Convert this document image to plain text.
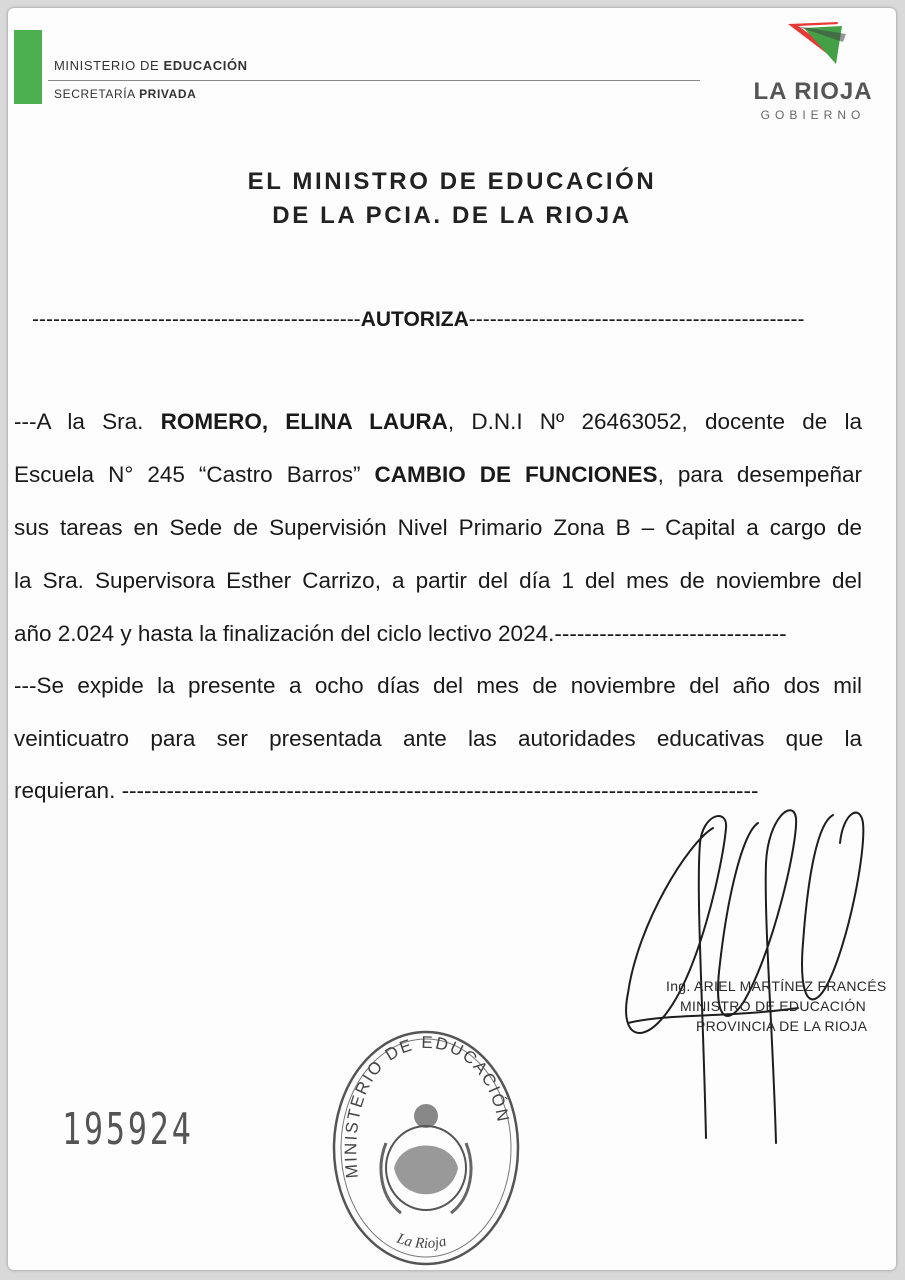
MINISTERIO DE EDUCACIÓN
SECRETARÍA PRIVADA	LA RIOJA
GOBIERNO
EL MINISTRO DE EDUCACIÓN
DE LA PCIA. DE LA RIOJA
-----------------------------------------------AUTORIZA------------------------------------------------
---A la Sra. ROMERO, ELINA LAURA, D.N.I Nº 26463052, docente de la
Escuela N° 245 “Castro Barros” CAMBIO DE FUNCIONES, para desempeñar
sus tareas en Sede de Supervisión Nivel Primario Zona B – Capital a cargo de
la Sra. Supervisora Esther Carrizo, a partir del día 1 del mes de noviembre del
año 2.024 y hasta la finalización del ciclo lectivo 2024.-------------------------------
---Se expide la presente a ocho días del mes de noviembre del año dos mil
veinticuatro para ser presentada ante las autoridades educativas que la
requieran. -------------------------------------------------------------------------------------
Ing. ARIEL MARTÍNEZ FRANCÉS
MINISTRO DE EDUCACIÓN
PROVINCIA DE LA RIOJA
MINISTERIO DE EDUCACIÓN
La Rioja
195924
